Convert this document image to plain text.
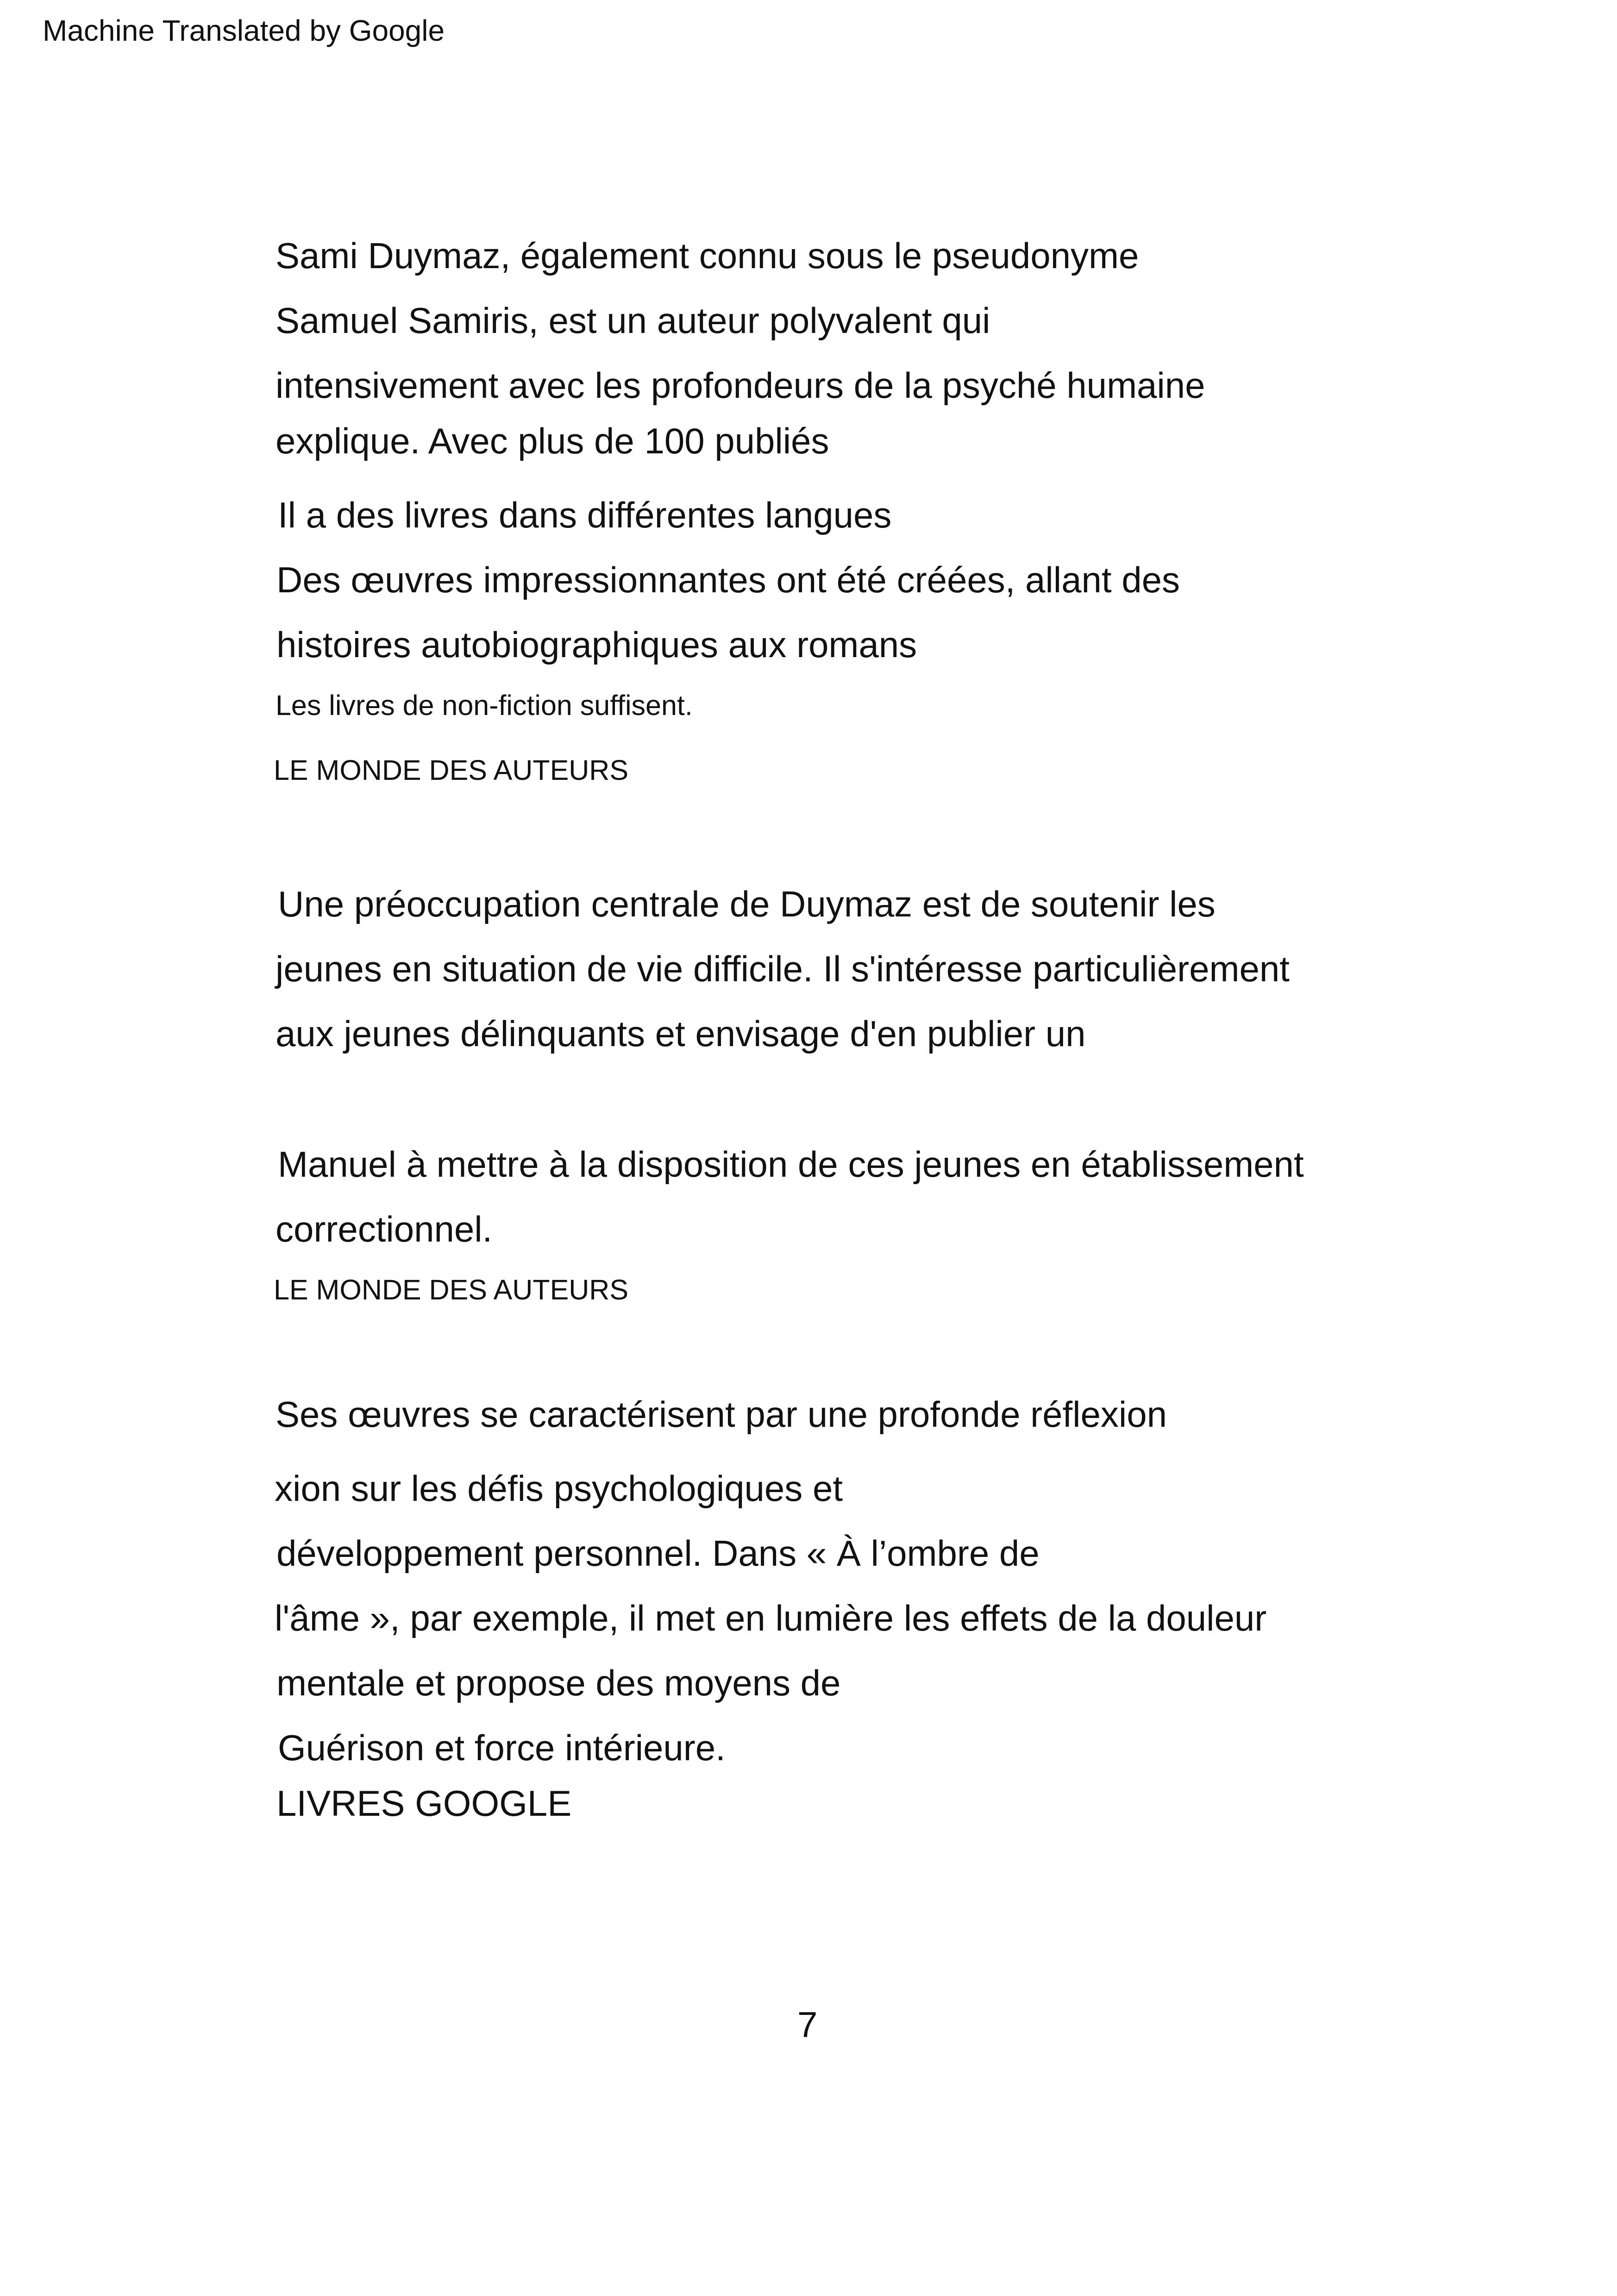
Machine Translated by Google
Sami Duymaz, également connu sous le pseudonyme
Samuel Samiris, est un auteur polyvalent qui
intensivement avec les profondeurs de la psyché humaine
explique. Avec plus de 100 publiés
Il a des livres dans différentes langues
Des œuvres impressionnantes ont été créées, allant des
histoires autobiographiques aux romans
Les livres de non-fiction suffisent.
LE MONDE DES AUTEURS
Une préoccupation centrale de Duymaz est de soutenir les
jeunes en situation de vie difficile. Il s'intéresse particulièrement
aux jeunes délinquants et envisage d'en publier un
Manuel à mettre à la disposition de ces jeunes en établissement
correctionnel.
LE MONDE DES AUTEURS
Ses œuvres se caractérisent par une profonde réflexion
xion sur les défis psychologiques et
développement personnel. Dans « À l’ombre de
l'âme », par exemple, il met en lumière les effets de la douleur
mentale et propose des moyens de
Guérison et force intérieure.
LIVRES GOOGLE
7
